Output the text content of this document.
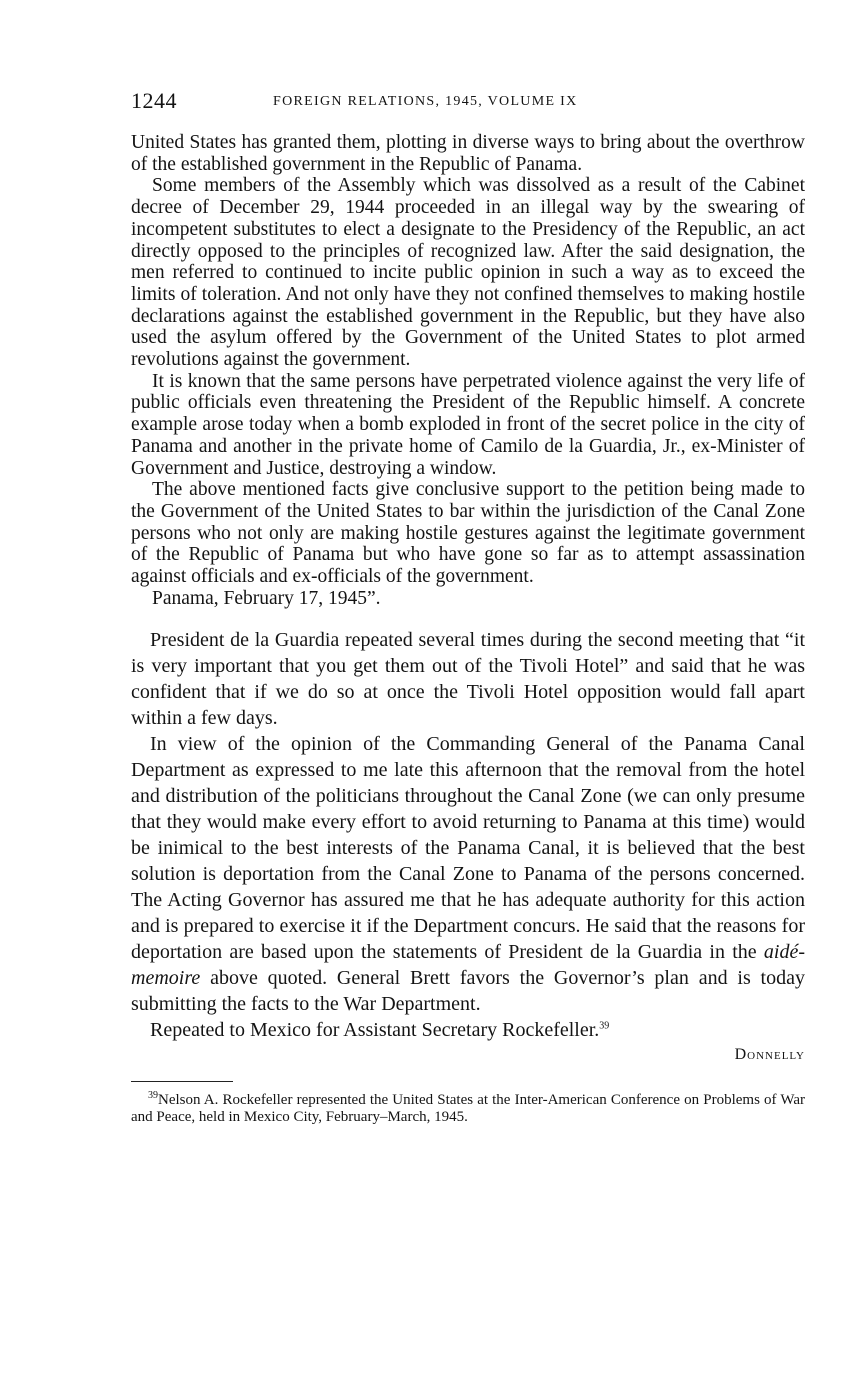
1244	FOREIGN RELATIONS, 1945, VOLUME IX

United States has granted them, plotting in diverse ways to bring about the overthrow of the established government in the Republic of Panama.

Some members of the Assembly which was dissolved as a result of the Cabinet decree of December 29, 1944 proceeded in an illegal way by the swearing of incompetent substitutes to elect a designate to the Presidency of the Republic, an act directly opposed to the principles of recognized law. After the said designation, the men referred to continued to incite public opinion in such a way as to exceed the limits of toleration. And not only have they not confined themselves to making hostile declarations against the established government in the Republic, but they have also used the asylum offered by the Government of the United States to plot armed revolutions against the government.

It is known that the same persons have perpetrated violence against the very life of public officials even threatening the President of the Republic himself. A concrete example arose today when a bomb exploded in front of the secret police in the city of Panama and another in the private home of Camilo de la Guardia, Jr., ex-Minister of Government and Justice, destroying a window.

The above mentioned facts give conclusive support to the petition being made to the Government of the United States to bar within the jurisdiction of the Canal Zone persons who not only are making hostile gestures against the legitimate government of the Republic of Panama but who have gone so far as to attempt assassination against officials and ex-officials of the government.

Panama, February 17, 1945”.

President de la Guardia repeated several times during the second meeting that “it is very important that you get them out of the Tivoli Hotel” and said that he was confident that if we do so at once the Tivoli Hotel opposition would fall apart within a few days.

In view of the opinion of the Commanding General of the Panama Canal Department as expressed to me late this afternoon that the removal from the hotel and distribution of the politicians throughout the Canal Zone (we can only presume that they would make every effort to avoid returning to Panama at this time) would be inimical to the best interests of the Panama Canal, it is believed that the best solution is deportation from the Canal Zone to Panama of the persons concerned. The Acting Governor has assured me that he has adequate authority for this action and is prepared to exercise it if the Department concurs. He said that the reasons for deportation are based upon the statements of President de la Guardia in the aidé-memoire above quoted. General Brett favors the Governor’s plan and is today submitting the facts to the War Department.

Repeated to Mexico for Assistant Secretary Rockefeller.$^{39}$

Donnelly
$^{39}$Nelson A. Rockefeller represented the United States at the Inter-American Conference on Problems of War and Peace, held in Mexico City, February–March, 1945.
